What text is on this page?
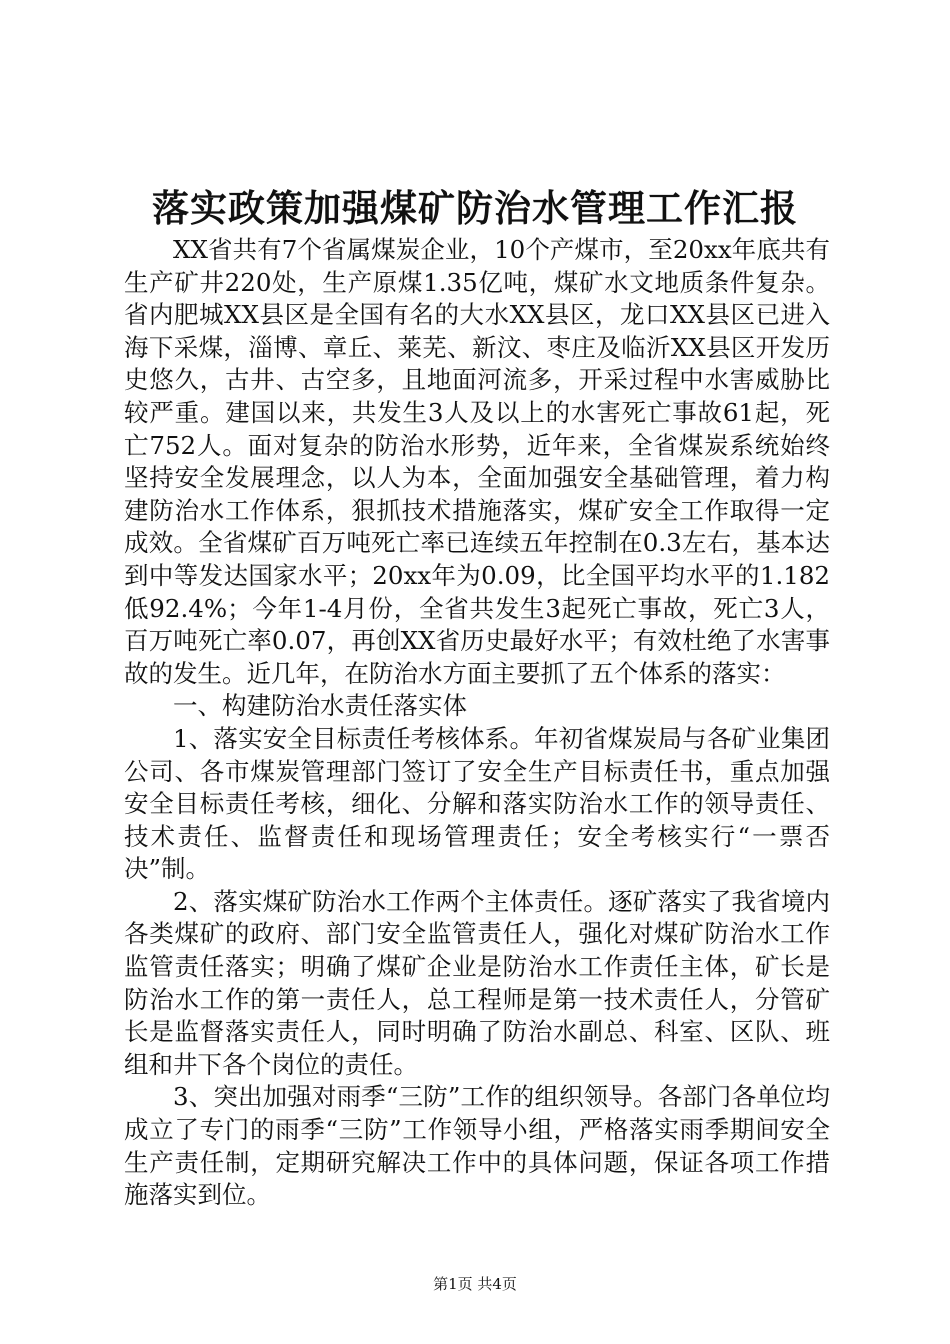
落实政策加强煤矿防治水管理工作汇报

XX省共有7个省属煤炭企业，10个产煤市，至20xx年底共有生产矿井220处，生产原煤1.35亿吨，煤矿水文地质条件复杂。省内肥城XX县区是全国有名的大水XX县区，龙口XX县区已进入海下采煤，淄博、章丘、莱芜、新汶、枣庄及临沂XX县区开发历史悠久，古井、古空多，且地面河流多，开采过程中水害威胁比较严重。建国以来，共发生3人及以上的水害死亡事故61起，死亡752人。面对复杂的防治水形势，近年来，全省煤炭系统始终坚持安全发展理念，以人为本，全面加强安全基础管理，着力构建防治水工作体系，狠抓技术措施落实，煤矿安全工作取得一定成效。全省煤矿百万吨死亡率已连续五年控制在0.3左右，基本达到中等发达国家水平；20xx年为0.09，比全国平均水平的1.182低92.4%；今年1-4月份，全省共发生3起死亡事故，死亡3人，百万吨死亡率0.07，再创XX省历史最好水平；有效杜绝了水害事故的发生。近几年，在防治水方面主要抓了五个体系的落实：

一、构建防治水责任落实体

1、落实安全目标责任考核体系。年初省煤炭局与各矿业集团公司、各市煤炭管理部门签订了安全生产目标责任书，重点加强安全目标责任考核，细化、分解和落实防治水工作的领导责任、技术责任、监督责任和现场管理责任；安全考核实行“一票否决”制。

2、落实煤矿防治水工作两个主体责任。逐矿落实了我省境内各类煤矿的政府、部门安全监管责任人，强化对煤矿防治水工作监管责任落实；明确了煤矿企业是防治水工作责任主体，矿长是防治水工作的第一责任人，总工程师是第一技术责任人，分管矿长是监督落实责任人，同时明确了防治水副总、科室、区队、班组和井下各个岗位的责任。

3、突出加强对雨季“三防”工作的组织领导。各部门各单位均成立了专门的雨季“三防”工作领导小组，严格落实雨季期间安全生产责任制，定期研究解决工作中的具体问题，保证各项工作措施落实到位。

第1页 共4页
